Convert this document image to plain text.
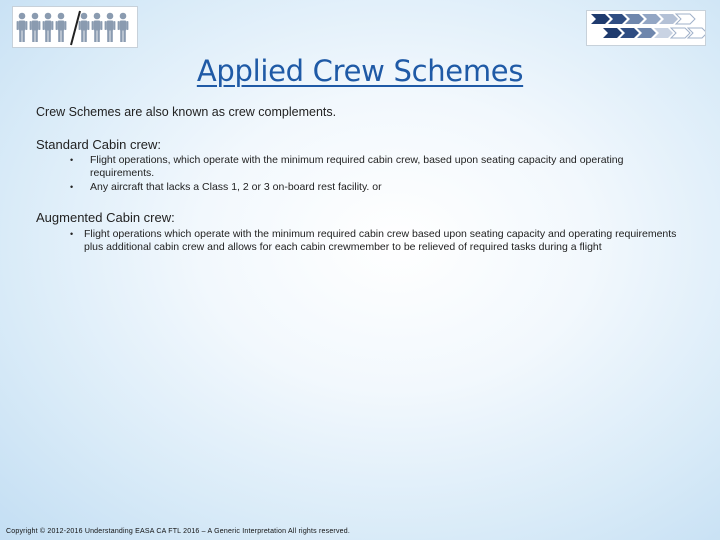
Applied Crew Schemes
Crew Schemes are also known as crew complements.
Standard Cabin crew:
• Flight operations, which operate with the minimum required cabin crew, based upon seating capacity and operating requirements.
• Any aircraft that lacks a Class 1, 2 or 3 on-board rest facility. or
Augmented Cabin crew:
• Flight operations which operate with the minimum required cabin crew based upon seating capacity and operating requirements plus additional cabin crew and allows for each cabin crewmember to be relieved of required tasks during a flight
Copyright © 2012-2016 Understanding EASA CA FTL 2016 – A Generic Interpretation All rights reserved.
